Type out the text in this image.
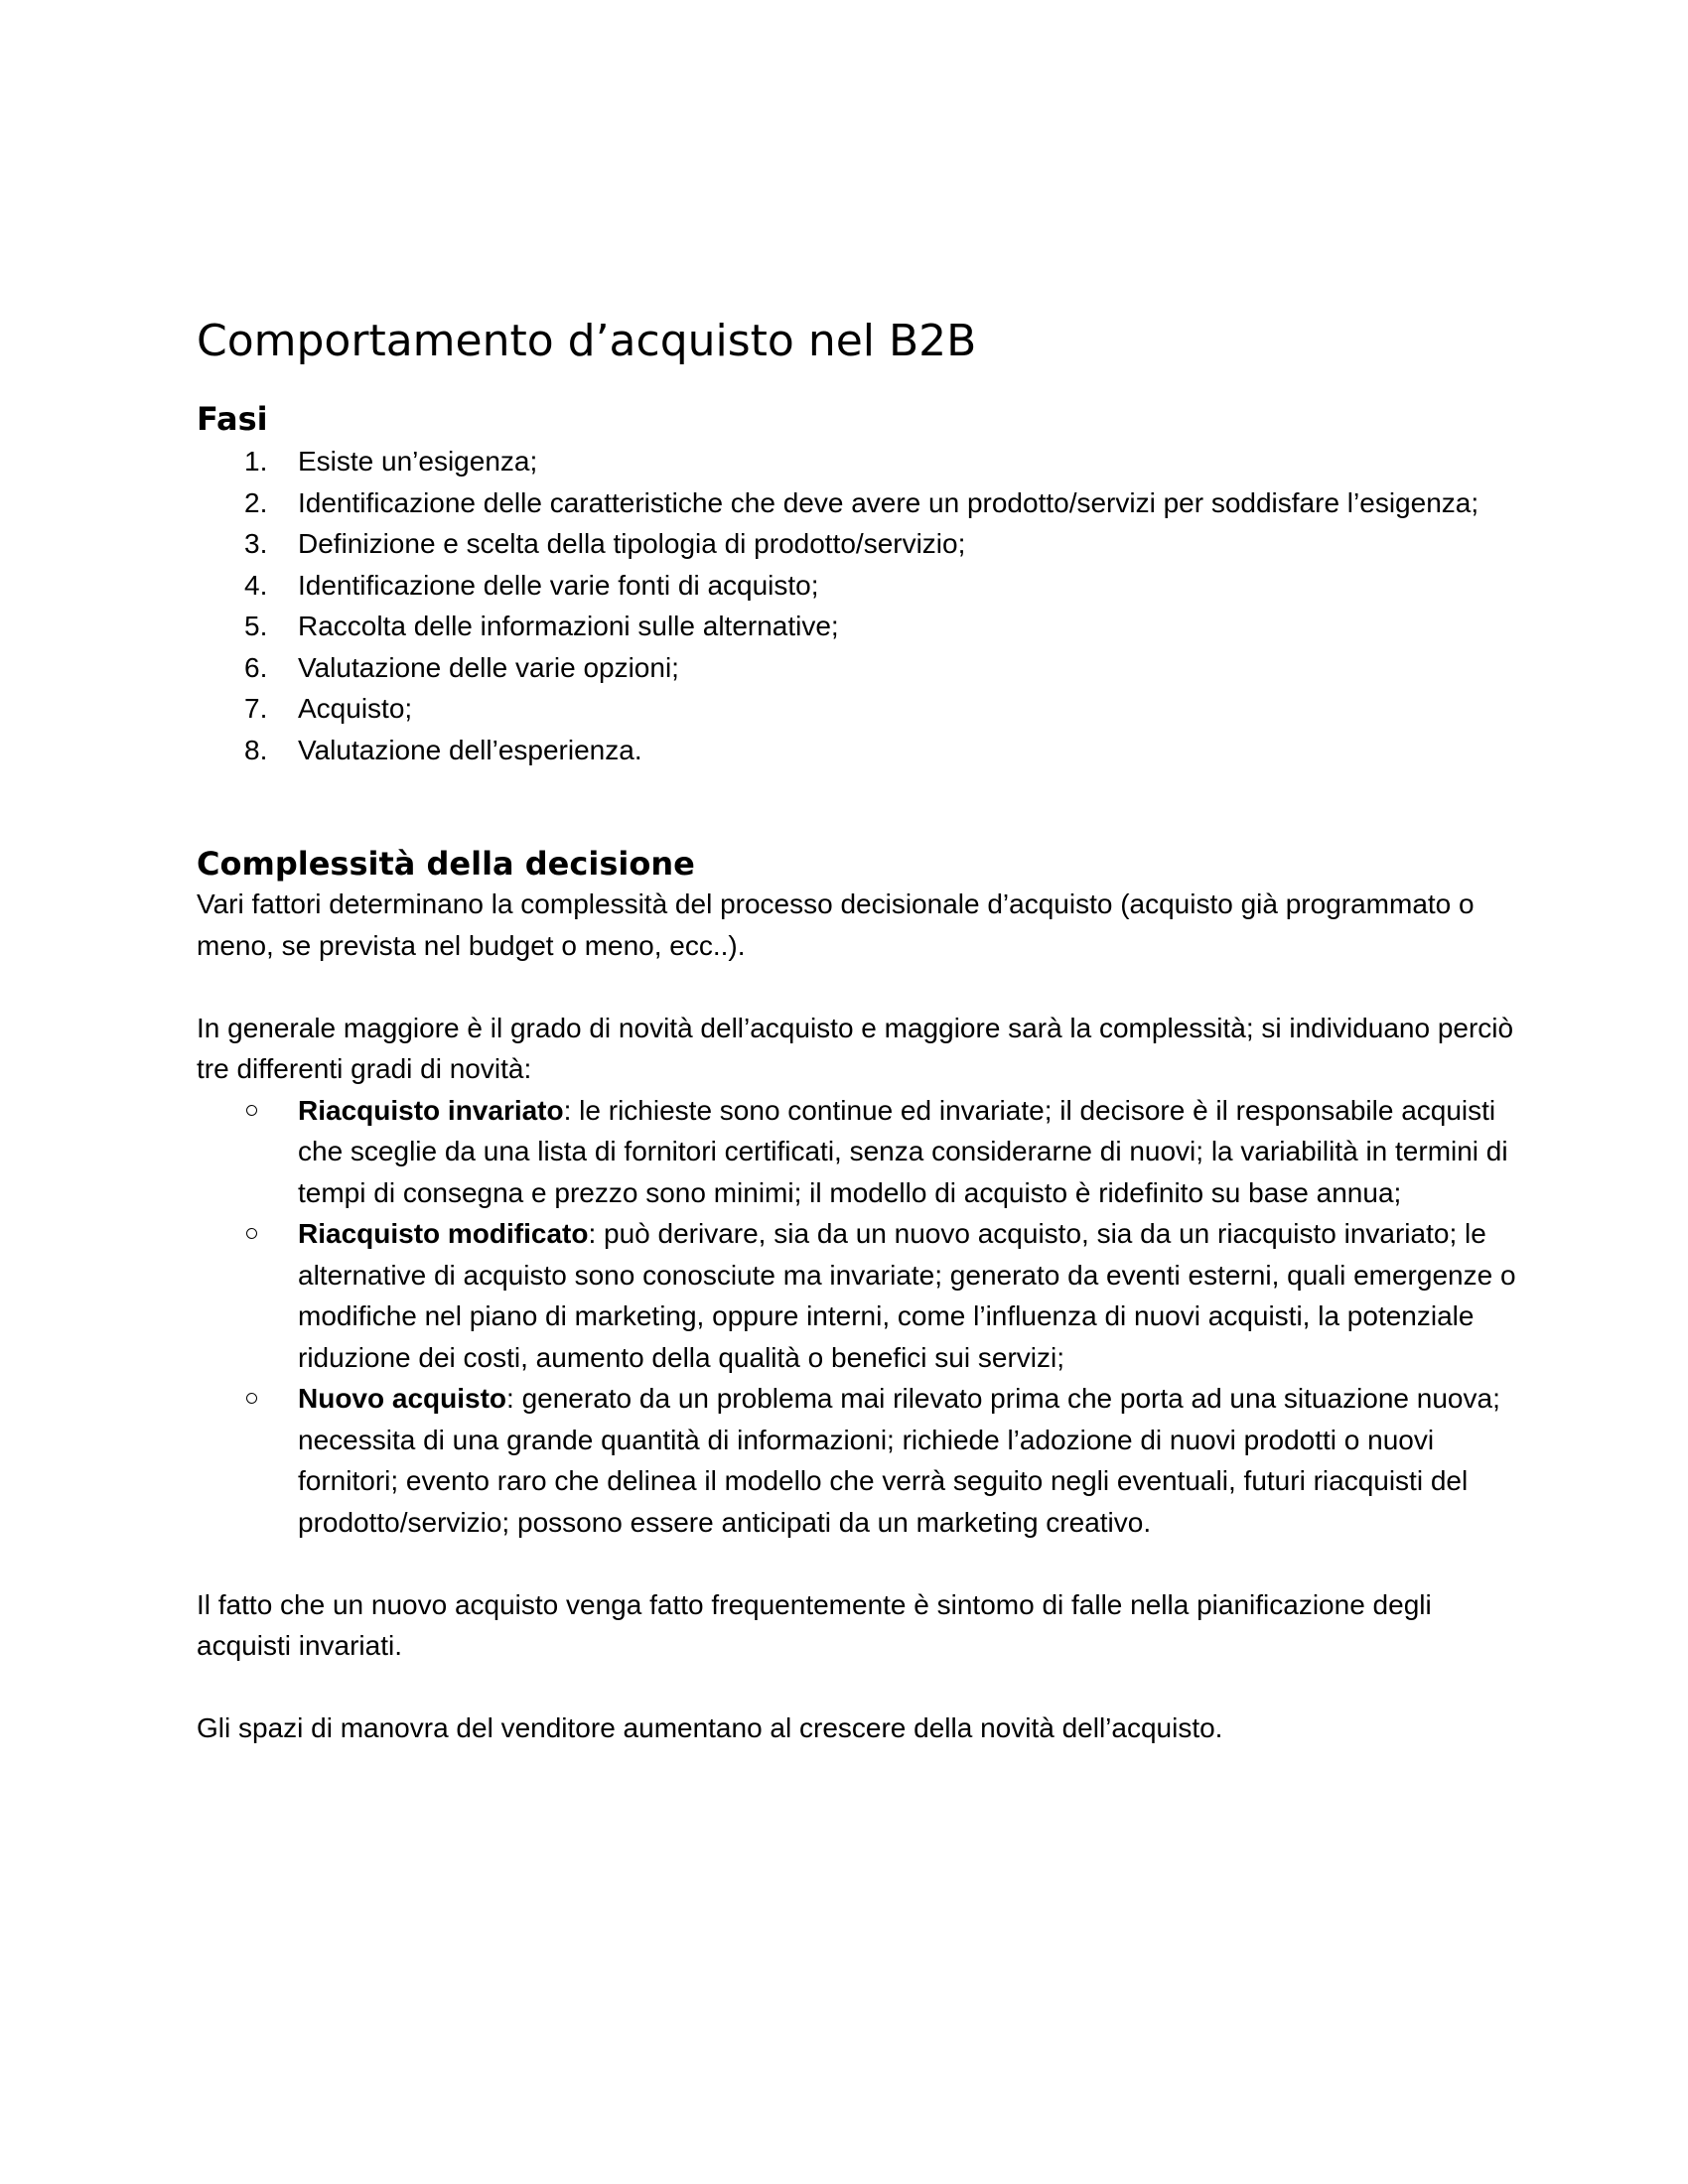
Comportamento d’acquisto nel B2B
Fasi
1. Esiste un’esigenza;
2. Identificazione delle caratteristiche che deve avere un prodotto/servizi per soddisfare l’esigenza;
3. Definizione e scelta della tipologia di prodotto/servizio;
4. Identificazione delle varie fonti di acquisto;
5. Raccolta delle informazioni sulle alternative;
6. Valutazione delle varie opzioni;
7. Acquisto;
8. Valutazione dell’esperienza.
Complessità della decisione

Vari fattori determinano la complessità del processo decisionale d’acquisto (acquisto già programmato o meno, se prevista nel budget o meno, ecc..).

In generale maggiore è il grado di novità dell’acquisto e maggiore sarà la complessità; si individuano perciò tre differenti gradi di novità:

Riacquisto invariato: le richieste sono continue ed invariate; il decisore è il responsabile acquisti che sceglie da una lista di fornitori certificati, senza considerarne di nuovi; la variabilità in termini di tempi di consegna e prezzo sono minimi; il modello di acquisto è ridefinito su base annua;
Riacquisto modificato: può derivare, sia da un nuovo acquisto, sia da un riacquisto invariato; le alternative di acquisto sono conosciute ma invariate; generato da eventi esterni, quali emergenze o modifiche nel piano di marketing, oppure interni, come l’influenza di nuovi acquisti, la potenziale riduzione dei costi, aumento della qualità o benefici sui servizi;
Nuovo acquisto: generato da un problema mai rilevato prima che porta ad una situazione nuova; necessita di una grande quantità di informazioni; richiede l’adozione di nuovi prodotti o nuovi fornitori; evento raro che delinea il modello che verrà seguito negli eventuali, futuri riacquisti del prodotto/servizio; possono essere anticipati da un marketing creativo.

Il fatto che un nuovo acquisto venga fatto frequentemente è sintomo di falle nella pianificazione degli acquisti invariati.

Gli spazi di manovra del venditore aumentano al crescere della novità dell’acquisto.
